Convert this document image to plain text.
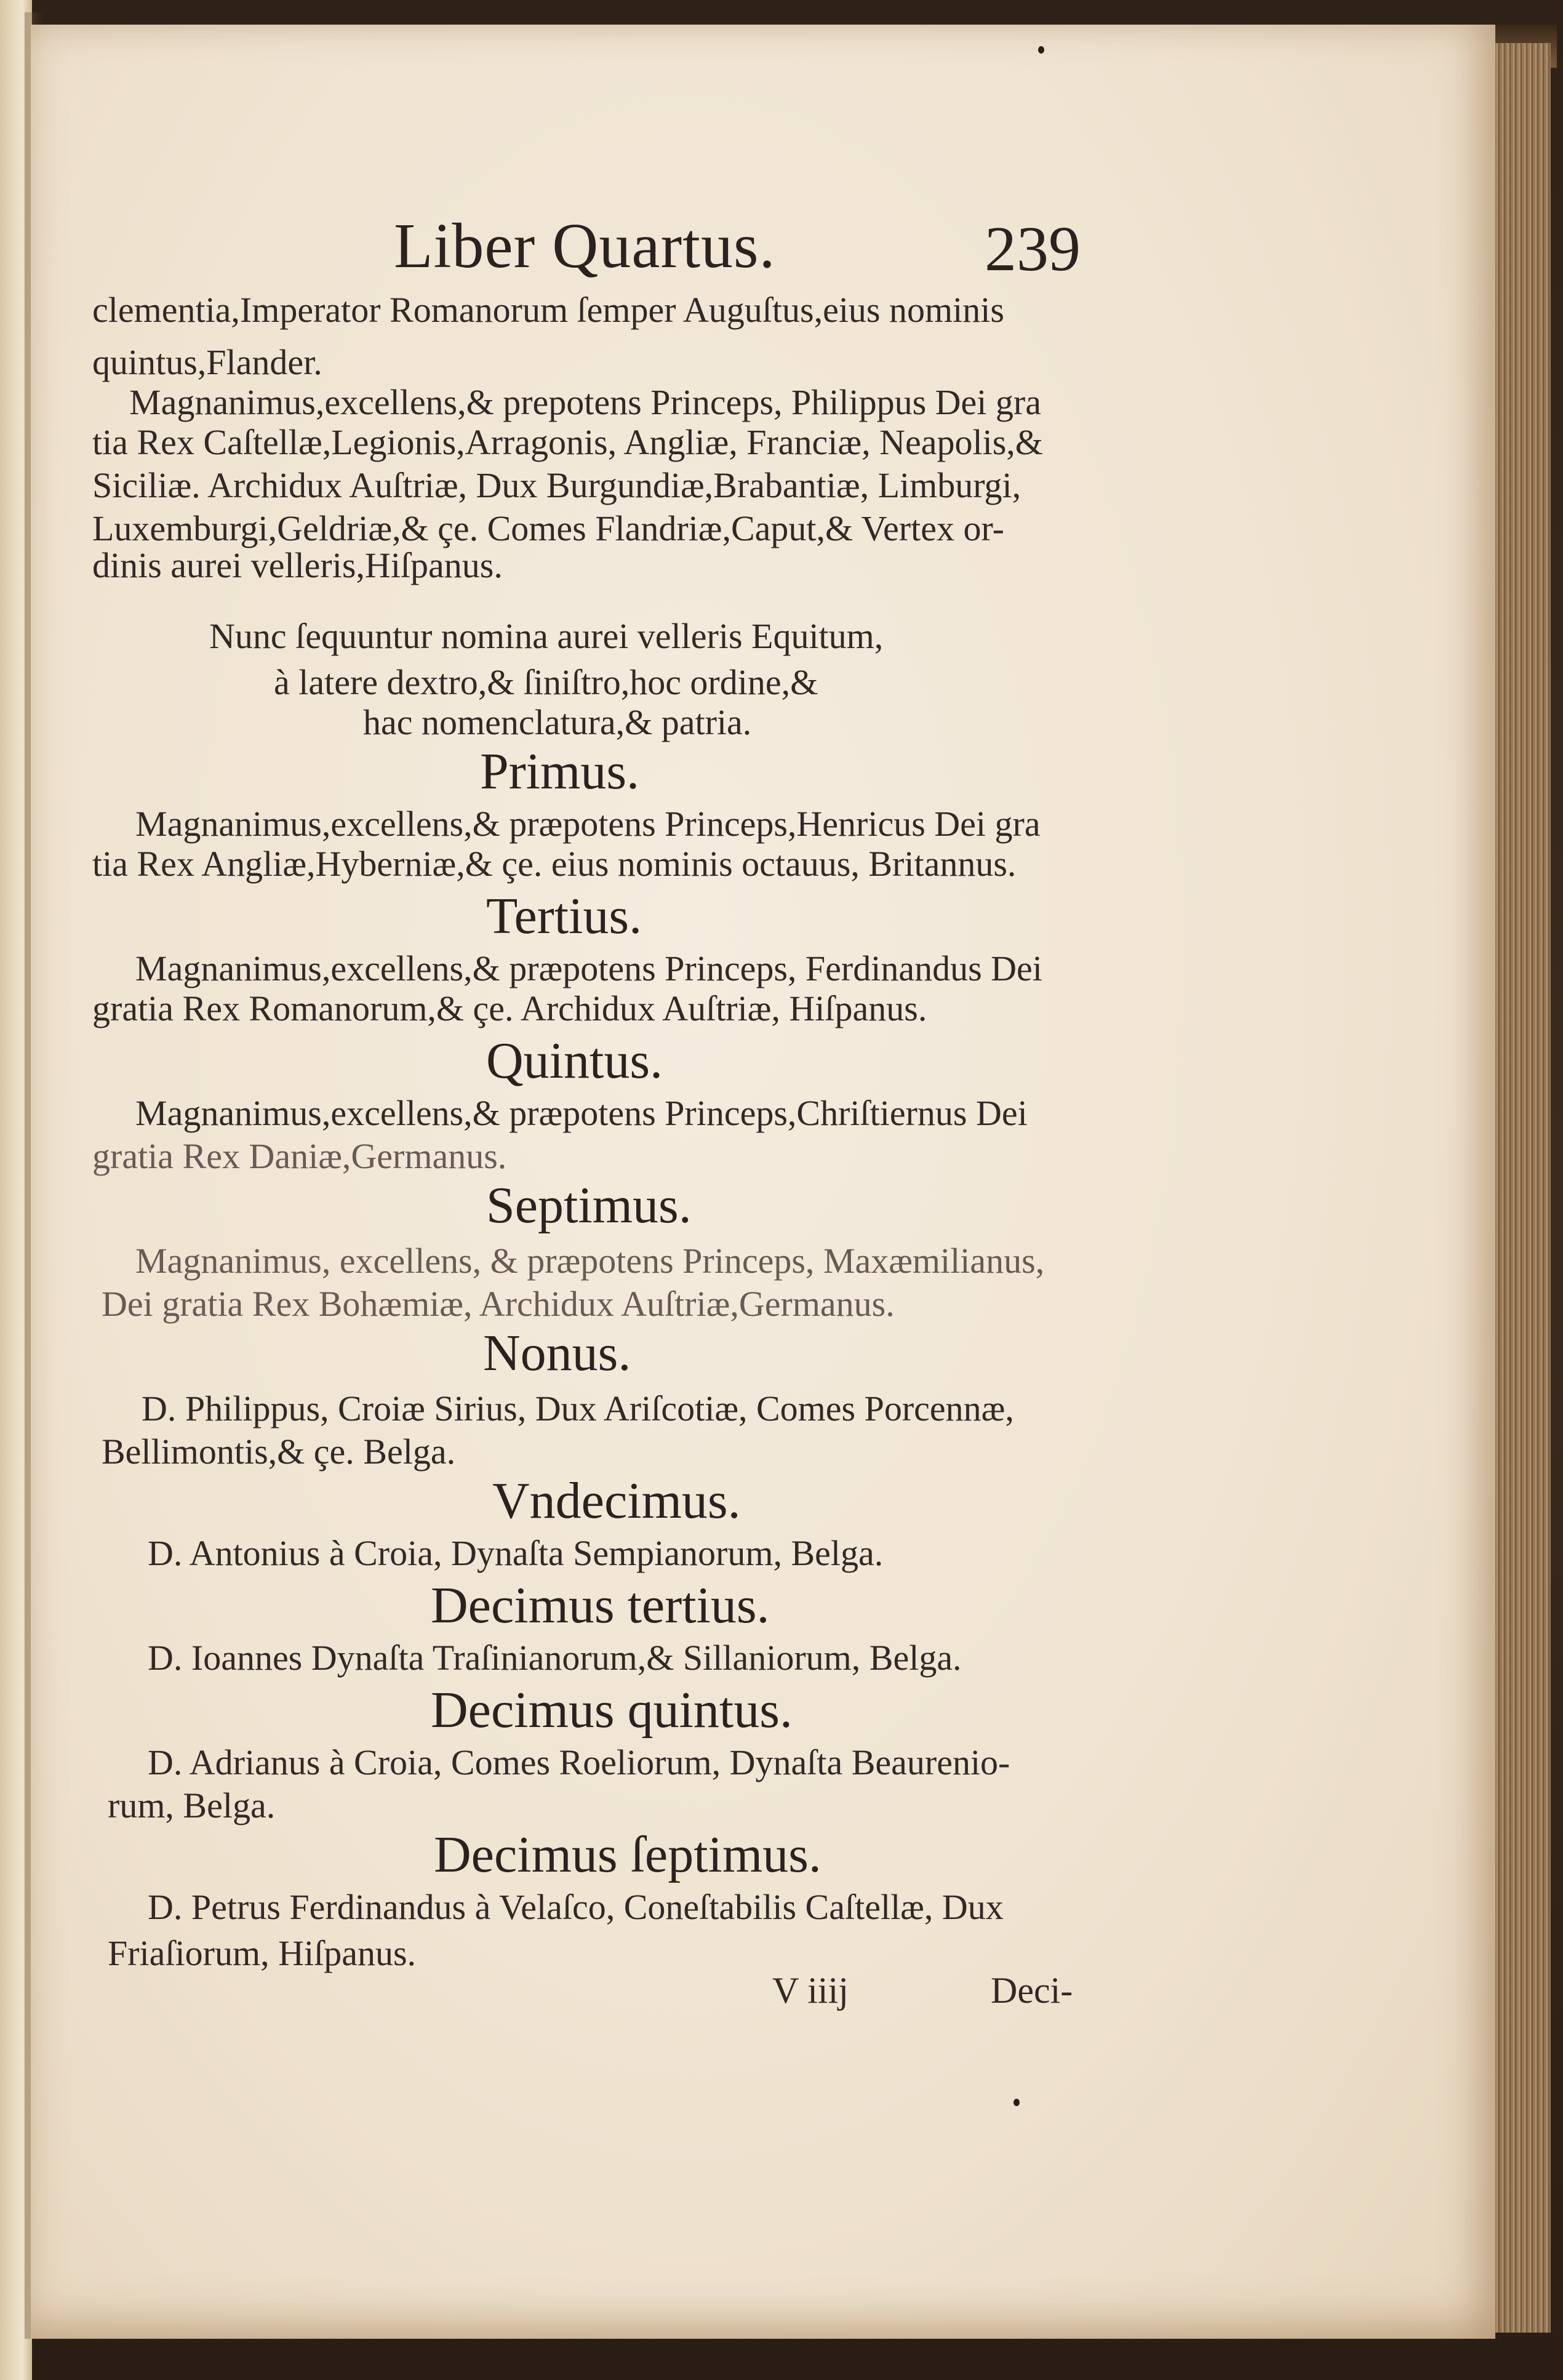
Liber Quartus.	239
clementia,Imperator Romanorum ſemper Auguſtus,eius nominis
quintus,Flander.
Magnanimus,excellens,& prepotens Princeps, Philippus Dei gra
tia Rex Caſtellæ,Legionis,Arragonis, Angliæ, Franciæ, Neapolis,&
Siciliæ. Archidux Auſtriæ, Dux Burgundiæ,Brabantiæ, Limburgi,
Luxemburgi,Geldriæ,& çe. Comes Flandriæ,Caput,& Vertex or-
dinis aurei velleris,Hiſpanus.
Nunc ſequuntur nomina aurei velleris Equitum,
à latere dextro,& ſiniſtro,hoc ordine,&
hac nomenclatura,& patria.
Primus.
Magnanimus,excellens,& præpotens Princeps,Henricus Dei gra
tia Rex Angliæ,Hyberniæ,& çe. eius nominis octauus, Britannus.
Tertius.
Magnanimus,excellens,& præpotens Princeps, Ferdinandus Dei
gratia Rex Romanorum,& çe. Archidux Auſtriæ, Hiſpanus.
Quintus.
Magnanimus,excellens,& præpotens Princeps,Chriſtiernus Dei
gratia Rex Daniæ,Germanus.
Septimus.
Magnanimus, excellens, & præpotens Princeps, Maxæmilianus,
Dei gratia Rex Bohæmiæ, Archidux Auſtriæ,Germanus.
Nonus.
D. Philippus, Croiæ Sirius, Dux Ariſcotiæ, Comes Porcennæ,
Bellimontis,& çe. Belga.
Vndecimus.
D. Antonius à Croia, Dynaſta Sempianorum, Belga.
Decimus tertius.
D. Ioannes Dynaſta Traſinianorum,& Sillaniorum, Belga.
Decimus quintus.
D. Adrianus à Croia, Comes Roeliorum, Dynaſta Beaurenio-
rum, Belga.
Decimus ſeptimus.
D. Petrus Ferdinandus à Velaſco, Coneſtabilis Caſtellæ, Dux
Friaſiorum, Hiſpanus.
V iiij	Deci-
